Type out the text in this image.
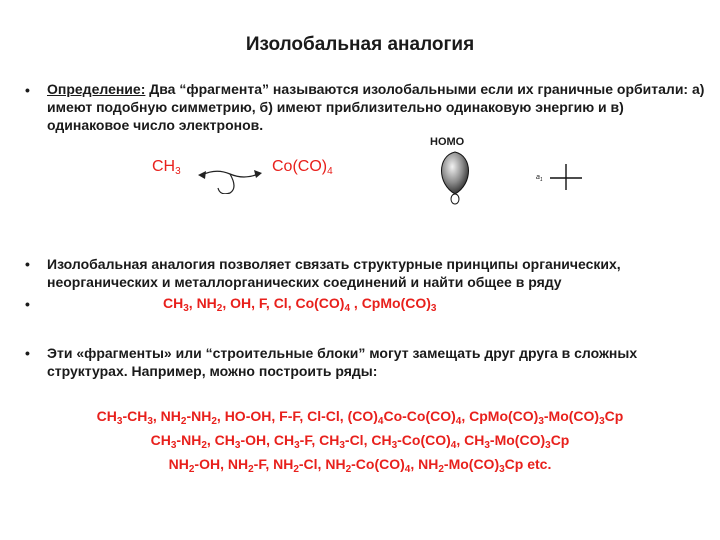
Изолобальная аналогия
• Определение: Два “фрагмента” называются изолобальными если их граничные орбитали: а) имеют подобную симметрию, б) имеют приблизительно одинаковую энергию и в) одинаковое число электронов.
$CH_3$	$Co(CO)_4$
HOMO
$a_1$
• Изолобальная аналогия позволяет связать структурные принципы органических, неорганических и металлорганических соединений и найти общее в ряду
•	$CH_3$, $NH_2$, OH, F, Cl, $Co(CO)_4$ , $CpMo(CO)_3$
• Эти «фрагменты» или “строительные блоки” могут замещать друг друга в сложных структурах. Например, можно построить ряды:
$CH_3-CH_3$, $NH_2-NH_2$, HO-OH, F-F, Cl-Cl, $(CO)_4Co-Co(CO)_4$, $CpMo(CO)_3-Mo(CO)_3Cp$
$CH_3-NH_2$, $CH_3-OH$, $CH_3-F$, $CH_3-Cl$, $CH_3-Co(CO)_4$, $CH_3-Mo(CO)_3Cp$
$NH_2-OH$, $NH_2-F$, $NH_2-Cl$, $NH_2-Co(CO)_4$, $NH_2-Mo(CO)_3Cp$ etc.
